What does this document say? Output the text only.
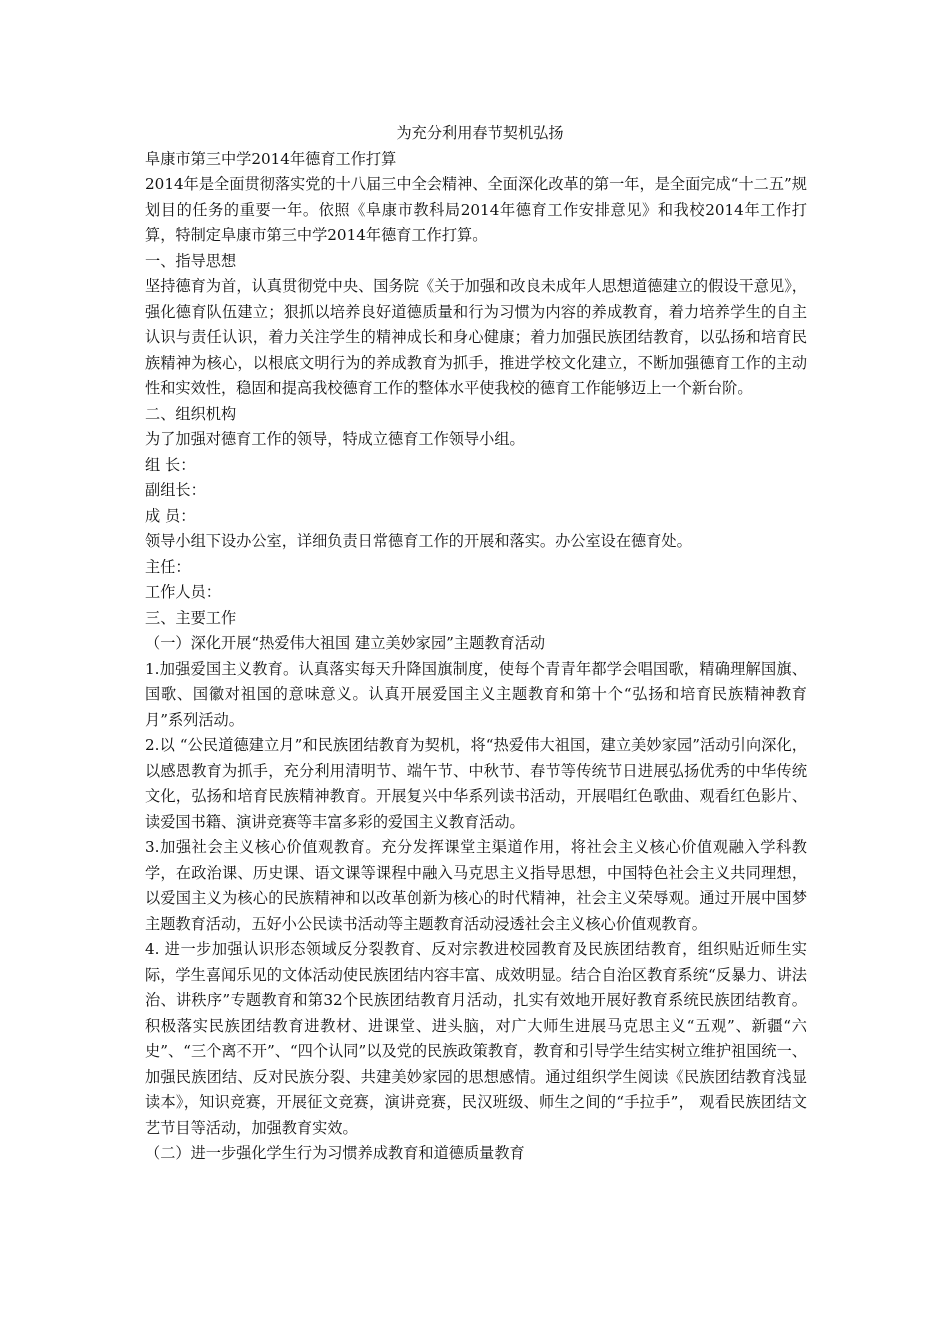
为充分利用春节契机弘扬

阜康市第三中学2014年德育工作打算

2014年是全面贯彻落实党的十八届三中全会精神、全面深化改革的第一年，是全面完成“十二五”规划目的任务的重要一年。依照《阜康市教科局2014年德育工作安排意见》和我校2014年工作打算，特制定阜康市第三中学2014年德育工作打算。

一、指导思想

坚持德育为首，认真贯彻党中央、国务院《关于加强和改良未成年人思想道德建立的假设干意见》，强化德育队伍建立；狠抓以培养良好道德质量和行为习惯为内容的养成教育，着力培养学生的自主认识与责任认识，着力关注学生的精神成长和身心健康；着力加强民族团结教育，以弘扬和培育民族精神为核心，以根底文明行为的养成教育为抓手，推进学校文化建立，不断加强德育工作的主动性和实效性，稳固和提高我校德育工作的整体水平使我校的德育工作能够迈上一个新台阶。

二、组织机构

为了加强对德育工作的领导，特成立德育工作领导小组。

组 长：

副组长：

成 员：

领导小组下设办公室，详细负责日常德育工作的开展和落实。办公室设在德育处。

主任：

工作人员：

三、主要工作

（一）深化开展“热爱伟大祖国 建立美妙家园”主题教育活动

1.加强爱国主义教育。认真落实每天升降国旗制度，使每个青青年都学会唱国歌，精确理解国旗、国歌、国徽对祖国的意味意义。认真开展爱国主义主题教育和第十个“弘扬和培育民族精神教育月”系列活动。

2.以 “公民道德建立月”和民族团结教育为契机，将“热爱伟大祖国，建立美妙家园”活动引向深化，以感恩教育为抓手，充分利用清明节、端午节、中秋节、春节等传统节日进展弘扬优秀的中华传统文化，弘扬和培育民族精神教育。开展复兴中华系列读书活动，开展唱红色歌曲、观看红色影片、读爱国书籍、演讲竞赛等丰富多彩的爱国主义教育活动。

3.加强社会主义核心价值观教育。充分发挥课堂主渠道作用，将社会主义核心价值观融入学科教学，在政治课、历史课、语文课等课程中融入马克思主义指导思想，中国特色社会主义共同理想，以爱国主义为核心的民族精神和以改革创新为核心的时代精神，社会主义荣辱观。通过开展中国梦主题教育活动，五好小公民读书活动等主题教育活动浸透社会主义核心价值观教育。

4. 进一步加强认识形态领域反分裂教育、反对宗教进校园教育及民族团结教育，组织贴近师生实际，学生喜闻乐见的文体活动使民族团结内容丰富、成效明显。结合自治区教育系统“反暴力、讲法治、讲秩序”专题教育和第32个民族团结教育月活动，扎实有效地开展好教育系统民族团结教育。积极落实民族团结教育进教材、进课堂、进头脑，对广大师生进展马克思主义“五观”、新疆“六史”、“三个离不开”、“四个认同”以及党的民族政策教育，教育和引导学生结实树立维护祖国统一、加强民族团结、反对民族分裂、共建美妙家园的思想感情。通过组织学生阅读《民族团结教育浅显读本》，知识竞赛，开展征文竞赛，演讲竞赛，民汉班级、师生之间的“手拉手”， 观看民族团结文艺节目等活动，加强教育实效。

（二）进一步强化学生行为习惯养成教育和道德质量教育
